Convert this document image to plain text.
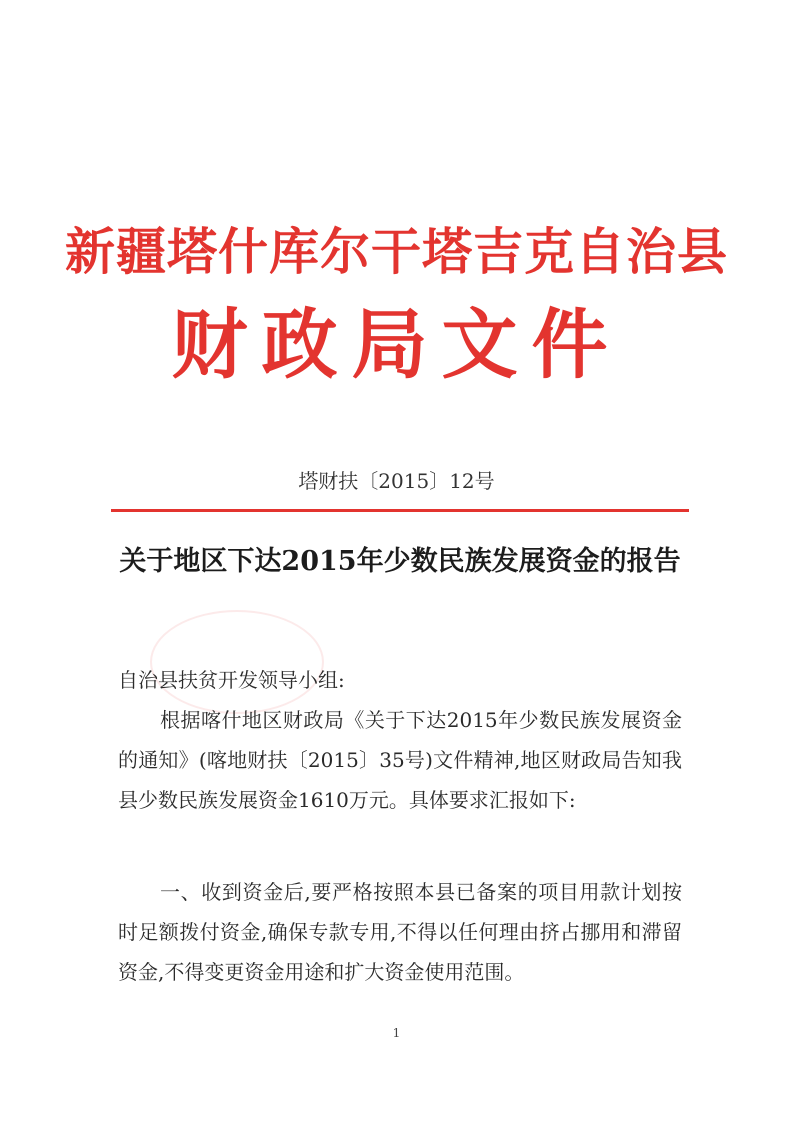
新疆塔什库尔干塔吉克自治县
财政局文件
塔财扶〔2015〕12号
关于地区下达2015年少数民族发展资金的报告
自治县扶贫开发领导小组:
根据喀什地区财政局《关于下达2015年少数民族发展资金的通知》(喀地财扶〔2015〕35号)文件精神,地区财政局告知我县少数民族发展资金1610万元。具体要求汇报如下:
一、收到资金后,要严格按照本县已备案的项目用款计划按时足额拨付资金,确保专款专用,不得以任何理由挤占挪用和滞留资金,不得变更资金用途和扩大资金使用范围。
1
